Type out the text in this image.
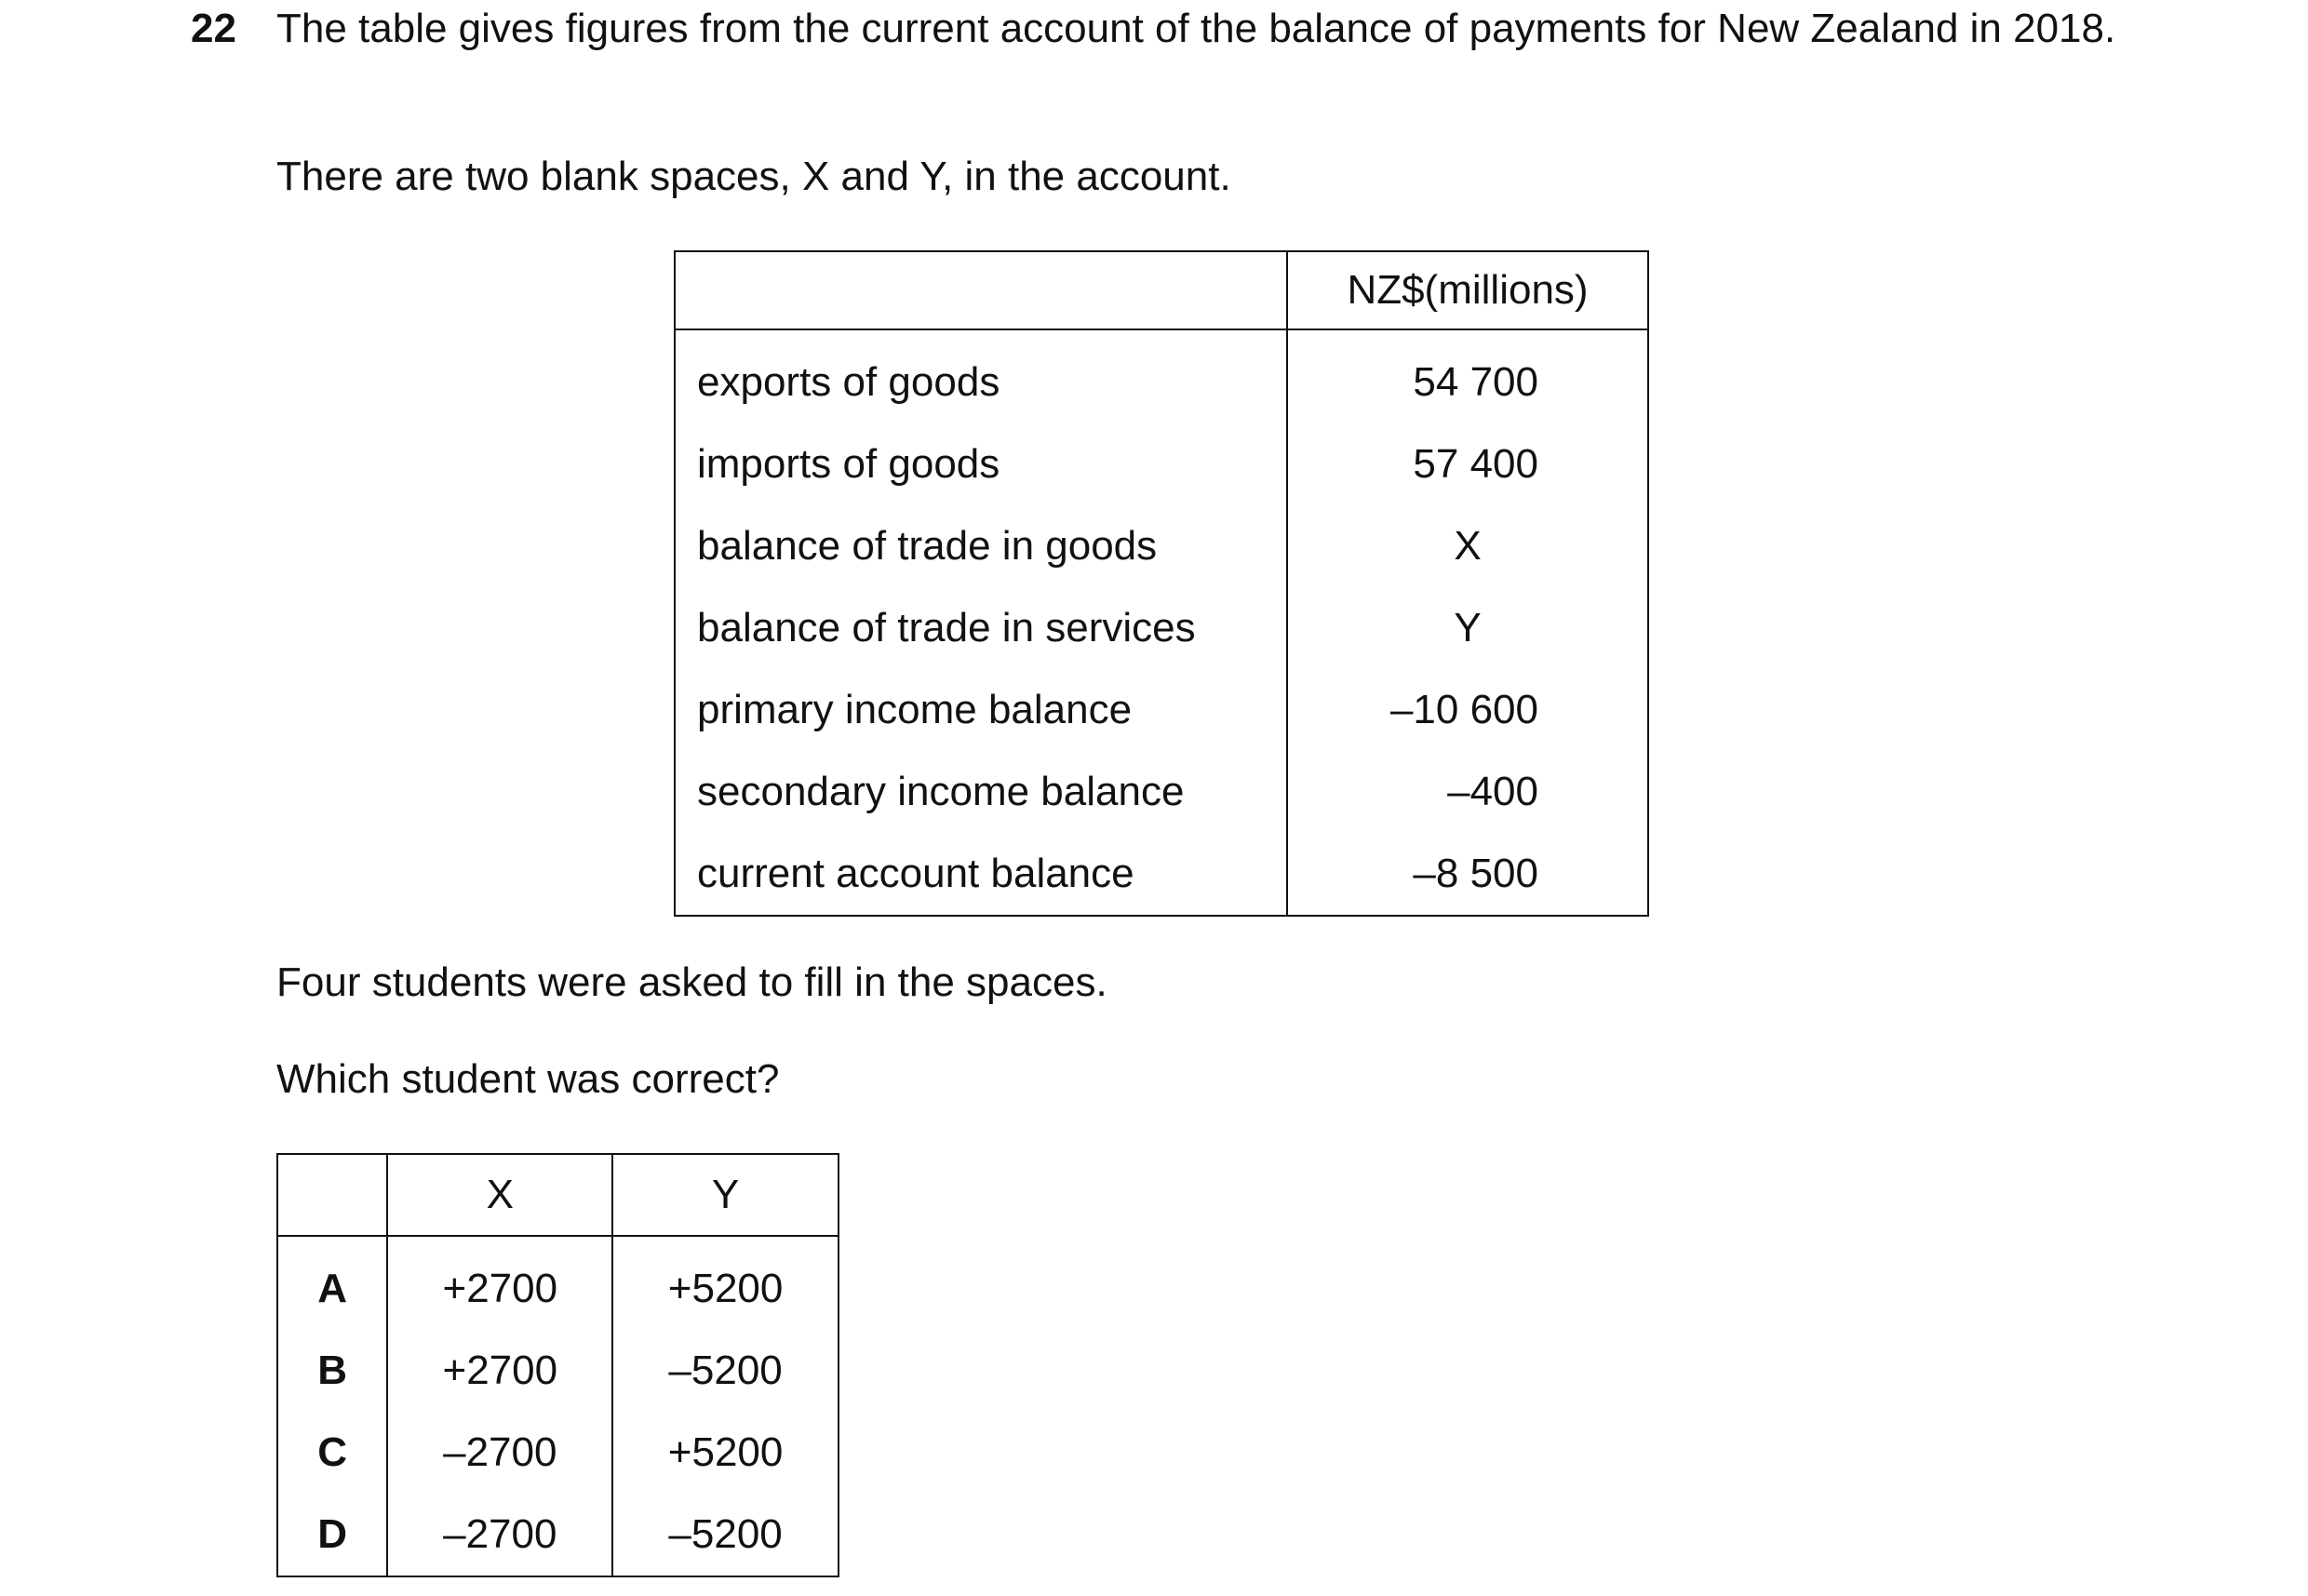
22 The table gives figures from the current account of the balance of payments for New Zealand in 2018.
There are two blank spaces, X and Y, in the account.
	NZ$(millions)
exports of goods	54 700
imports of goods	57 400
balance of trade in goods	X
balance of trade in services	Y
primary income balance	–10 600
secondary income balance	–400
current account balance	–8 500
Four students were asked to fill in the spaces.
Which student was correct?
	X	Y
A	+2700	+5200
B	+2700	–5200
C	–2700	+5200
D	–2700	–5200
